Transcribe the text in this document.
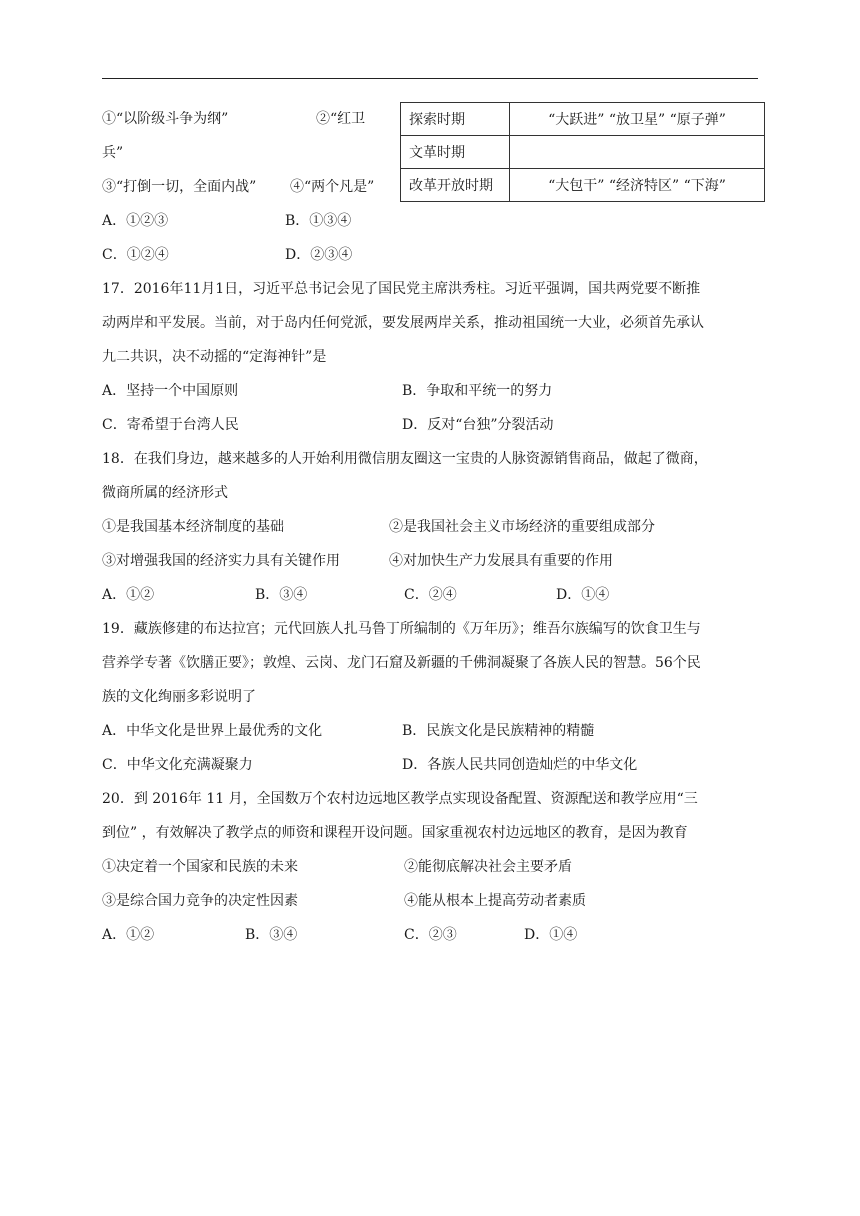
①“以阶级斗争为纲”	②“红卫
兵”
③“打倒一切，全面内战” ④“两个凡是”
A．①②③	B．①③④
C．①②④	D．②③④
探索时期	“大跃进” “放卫星” “原子弹”
文革时期	
改革开放时期	“大包干” “经济特区” “下海”
17．2016年11月1日，习近平总书记会见了国民党主席洪秀柱。习近平强调，国共两党要不断推
动两岸和平发展。当前，对于岛内任何党派，要发展两岸关系，推动祖国统一大业，必须首先承认
九二共识，决不动摇的“定海神针”是
A．坚持一个中国原则	B．争取和平统一的努力
C．寄希望于台湾人民	D．反对“台独”分裂活动
18．在我们身边，越来越多的人开始利用微信朋友圈这一宝贵的人脉资源销售商品，做起了微商，
微商所属的经济形式
①是我国基本经济制度的基础	②是我国社会主义市场经济的重要组成部分
③对增强我国的经济实力具有关键作用	④对加快生产力发展具有重要的作用
A．①②	B．③④	C．②④	D．①④
19．藏族修建的布达拉宫；元代回族人扎马鲁丁所编制的《万年历》；维吾尔族编写的饮食卫生与
营养学专著《饮膳正要》；敦煌、云岗、龙门石窟及新疆的千佛洞凝聚了各族人民的智慧。56个民
族的文化绚丽多彩说明了
A．中华文化是世界上最优秀的文化	B．民族文化是民族精神的精髓
C．中华文化充满凝聚力	D．各族人民共同创造灿烂的中华文化
20．到 2016年 11 月，全国数万个农村边远地区教学点实现设备配置、资源配送和教学应用“三
到位” ，有效解决了教学点的师资和课程开设问题。国家重视农村边远地区的教育，是因为教育
①决定着一个国家和民族的未来	②能彻底解决社会主要矛盾
③是综合国力竞争的决定性因素	④能从根本上提高劳动者素质
A．①②	B．③④	C．②③	D．①④
